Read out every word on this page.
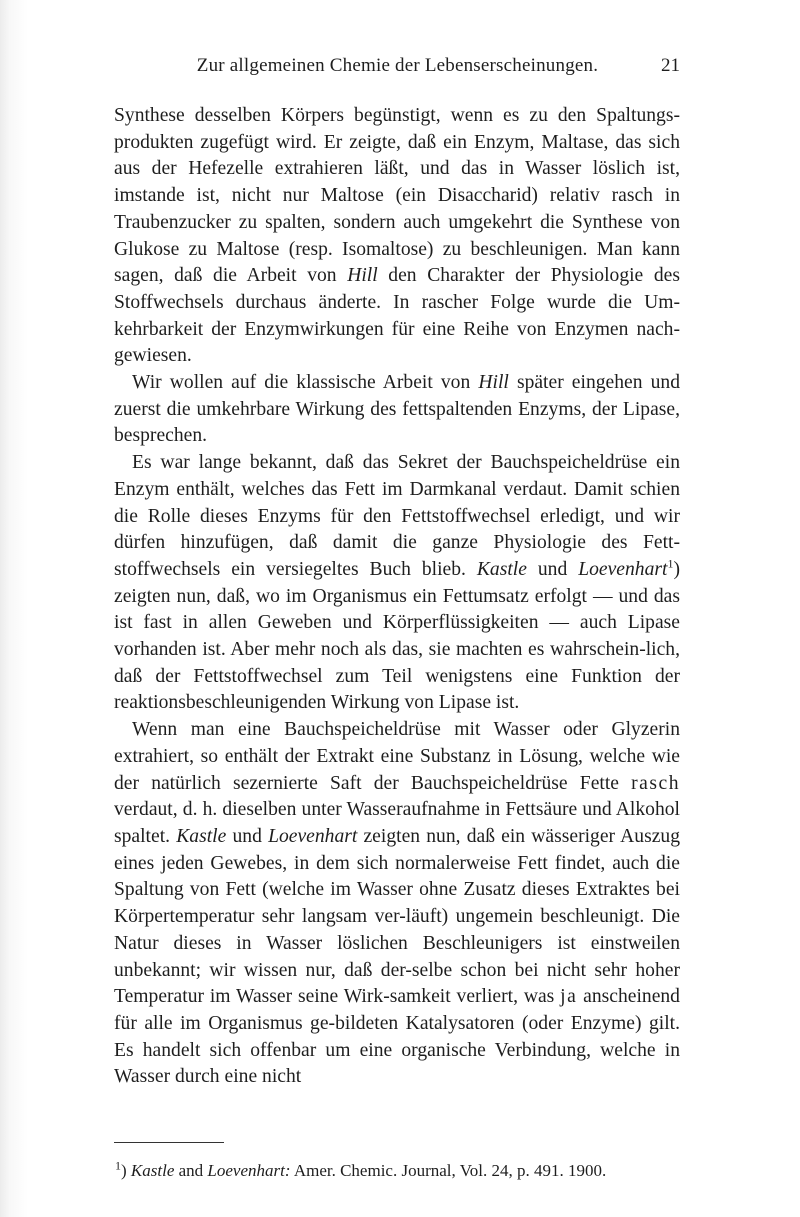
Zur allgemeinen Chemie der Lebenserscheinungen.	21

Synthese desselben Körpers begünstigt, wenn es zu den Spaltungs-produkten zugefügt wird. Er zeigte, daß ein Enzym, Maltase, das sich aus der Hefezelle extrahieren läßt, und das in Wasser löslich ist, imstande ist, nicht nur Maltose (ein Disaccharid) relativ rasch in Traubenzucker zu spalten, sondern auch umgekehrt die Synthese von Glukose zu Maltose (resp. Isomaltose) zu beschleunigen. Man kann sagen, daß die Arbeit von Hill den Charakter der Physiologie des Stoffwechsels durchaus änderte. In rascher Folge wurde die Um-kehrbarkeit der Enzymwirkungen für eine Reihe von Enzymen nach-gewiesen.

Wir wollen auf die klassische Arbeit von Hill später eingehen und zuerst die umkehrbare Wirkung des fettspaltenden Enzyms, der Lipase, besprechen.

Es war lange bekannt, daß das Sekret der Bauchspeicheldrüse ein Enzym enthält, welches das Fett im Darmkanal verdaut. Damit schien die Rolle dieses Enzyms für den Fettstoffwechsel erledigt, und wir dürfen hinzufügen, daß damit die ganze Physiologie des Fett-stoffwechsels ein versiegeltes Buch blieb. Kastle und Loevenhart$^1$) zeigten nun, daß, wo im Organismus ein Fettumsatz erfolgt — und das ist fast in allen Geweben und Körperflüssigkeiten — auch Lipase vorhanden ist. Aber mehr noch als das, sie machten es wahrschein-lich, daß der Fettstoffwechsel zum Teil wenigstens eine Funktion der reaktionsbeschleunigenden Wirkung von Lipase ist.

Wenn man eine Bauchspeicheldrüse mit Wasser oder Glyzerin extrahiert, so enthält der Extrakt eine Substanz in Lösung, welche wie der natürlich sezernierte Saft der Bauchspeicheldrüse Fette rasch verdaut, d. h. dieselben unter Wasseraufnahme in Fettsäure und Alkohol spaltet. Kastle und Loevenhart zeigten nun, daß ein wässeriger Auszug eines jeden Gewebes, in dem sich normalerweise Fett findet, auch die Spaltung von Fett (welche im Wasser ohne Zusatz dieses Extraktes bei Körpertemperatur sehr langsam ver-läuft) ungemein beschleunigt. Die Natur dieses in Wasser löslichen Beschleunigers ist einstweilen unbekannt; wir wissen nur, daß der-selbe schon bei nicht sehr hoher Temperatur im Wasser seine Wirk-samkeit verliert, was ja anscheinend für alle im Organismus ge-bildeten Katalysatoren (oder Enzyme) gilt. Es handelt sich offenbar um eine organische Verbindung, welche in Wasser durch eine nicht

$^1$) Kastle and Loevenhart: Amer. Chemic. Journal, Vol. 24, p. 491. 1900.
